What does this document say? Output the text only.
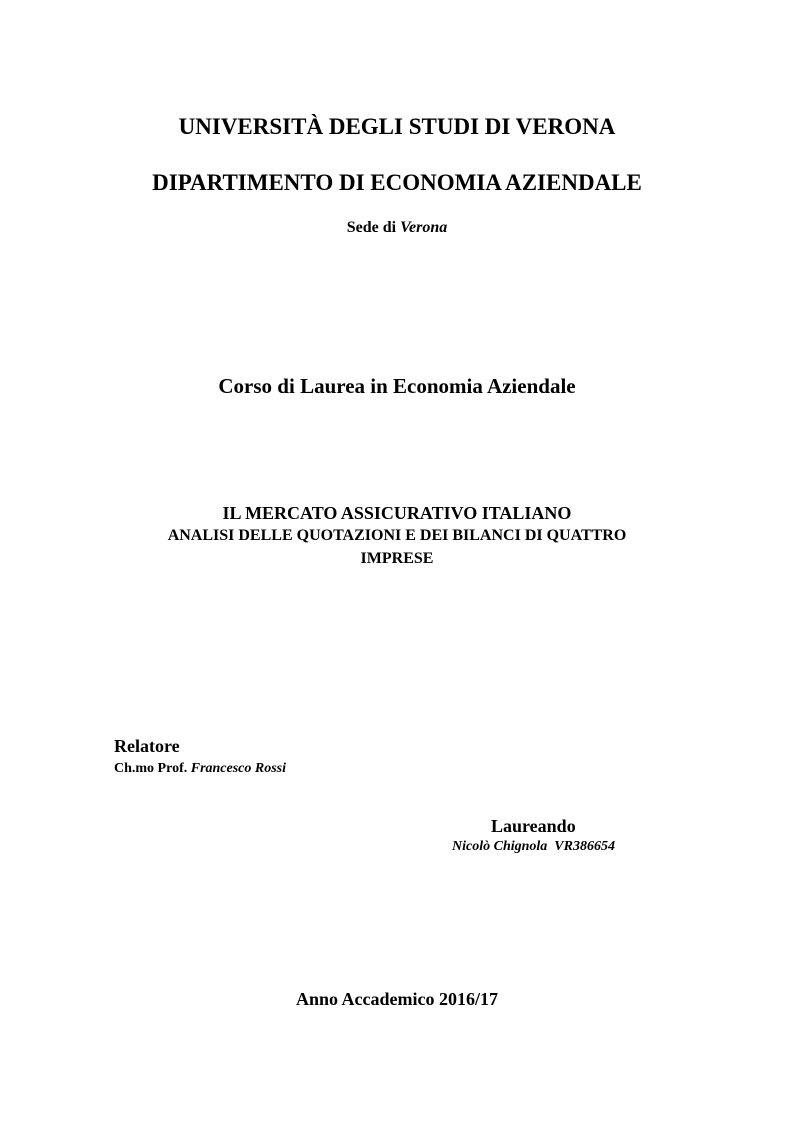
UNIVERSITÀ DEGLI STUDI DI VERONA
DIPARTIMENTO DI ECONOMIA AZIENDALE
Sede di Verona
Corso di Laurea in Economia Aziendale
IL MERCATO ASSICURATIVO ITALIANO
ANALISI DELLE QUOTAZIONI E DEI BILANCI DI QUATTRO
IMPRESE
Relatore
Ch.mo Prof. Francesco Rossi
Laureando
Nicolò Chignola  VR386654
Anno Accademico 2016/17
